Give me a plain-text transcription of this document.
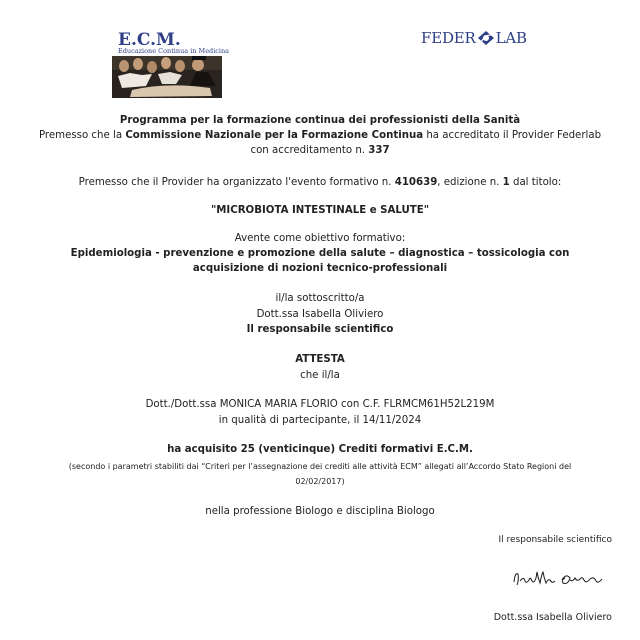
E.C.M.
Educazione Continua in Medicina
FEDER LAB
Programma per la formazione continua dei professionisti della Sanità
Premesso che la Commissione Nazionale per la Formazione Continua ha accreditato il Provider Federlab
con accreditamento n. 337
Premesso che il Provider ha organizzato l'evento formativo n. 410639, edizione n. 1 dal titolo:
"MICROBIOTA INTESTINALE e SALUTE"
Avente come obiettivo formativo:
Epidemiologia - prevenzione e promozione della salute – diagnostica – tossicologia con
acquisizione di nozioni tecnico-professionali
il/la sottoscritto/a
Dott.ssa Isabella Oliviero
Il responsabile scientifico
ATTESTA
che il/la
Dott./Dott.ssa MONICA MARIA FLORIO con C.F. FLRMCM61H52L219M
in qualità di partecipante, il 14/11/2024
ha acquisito 25 (venticinque) Crediti formativi E.C.M.
(secondo i parametri stabiliti dai “Criteri per l’assegnazione dei crediti alle attività ECM” allegati all’Accordo Stato Regioni del
02/02/2017)
nella professione Biologo e disciplina Biologo
Il responsabile scientifico
Dott.ssa Isabella Oliviero
